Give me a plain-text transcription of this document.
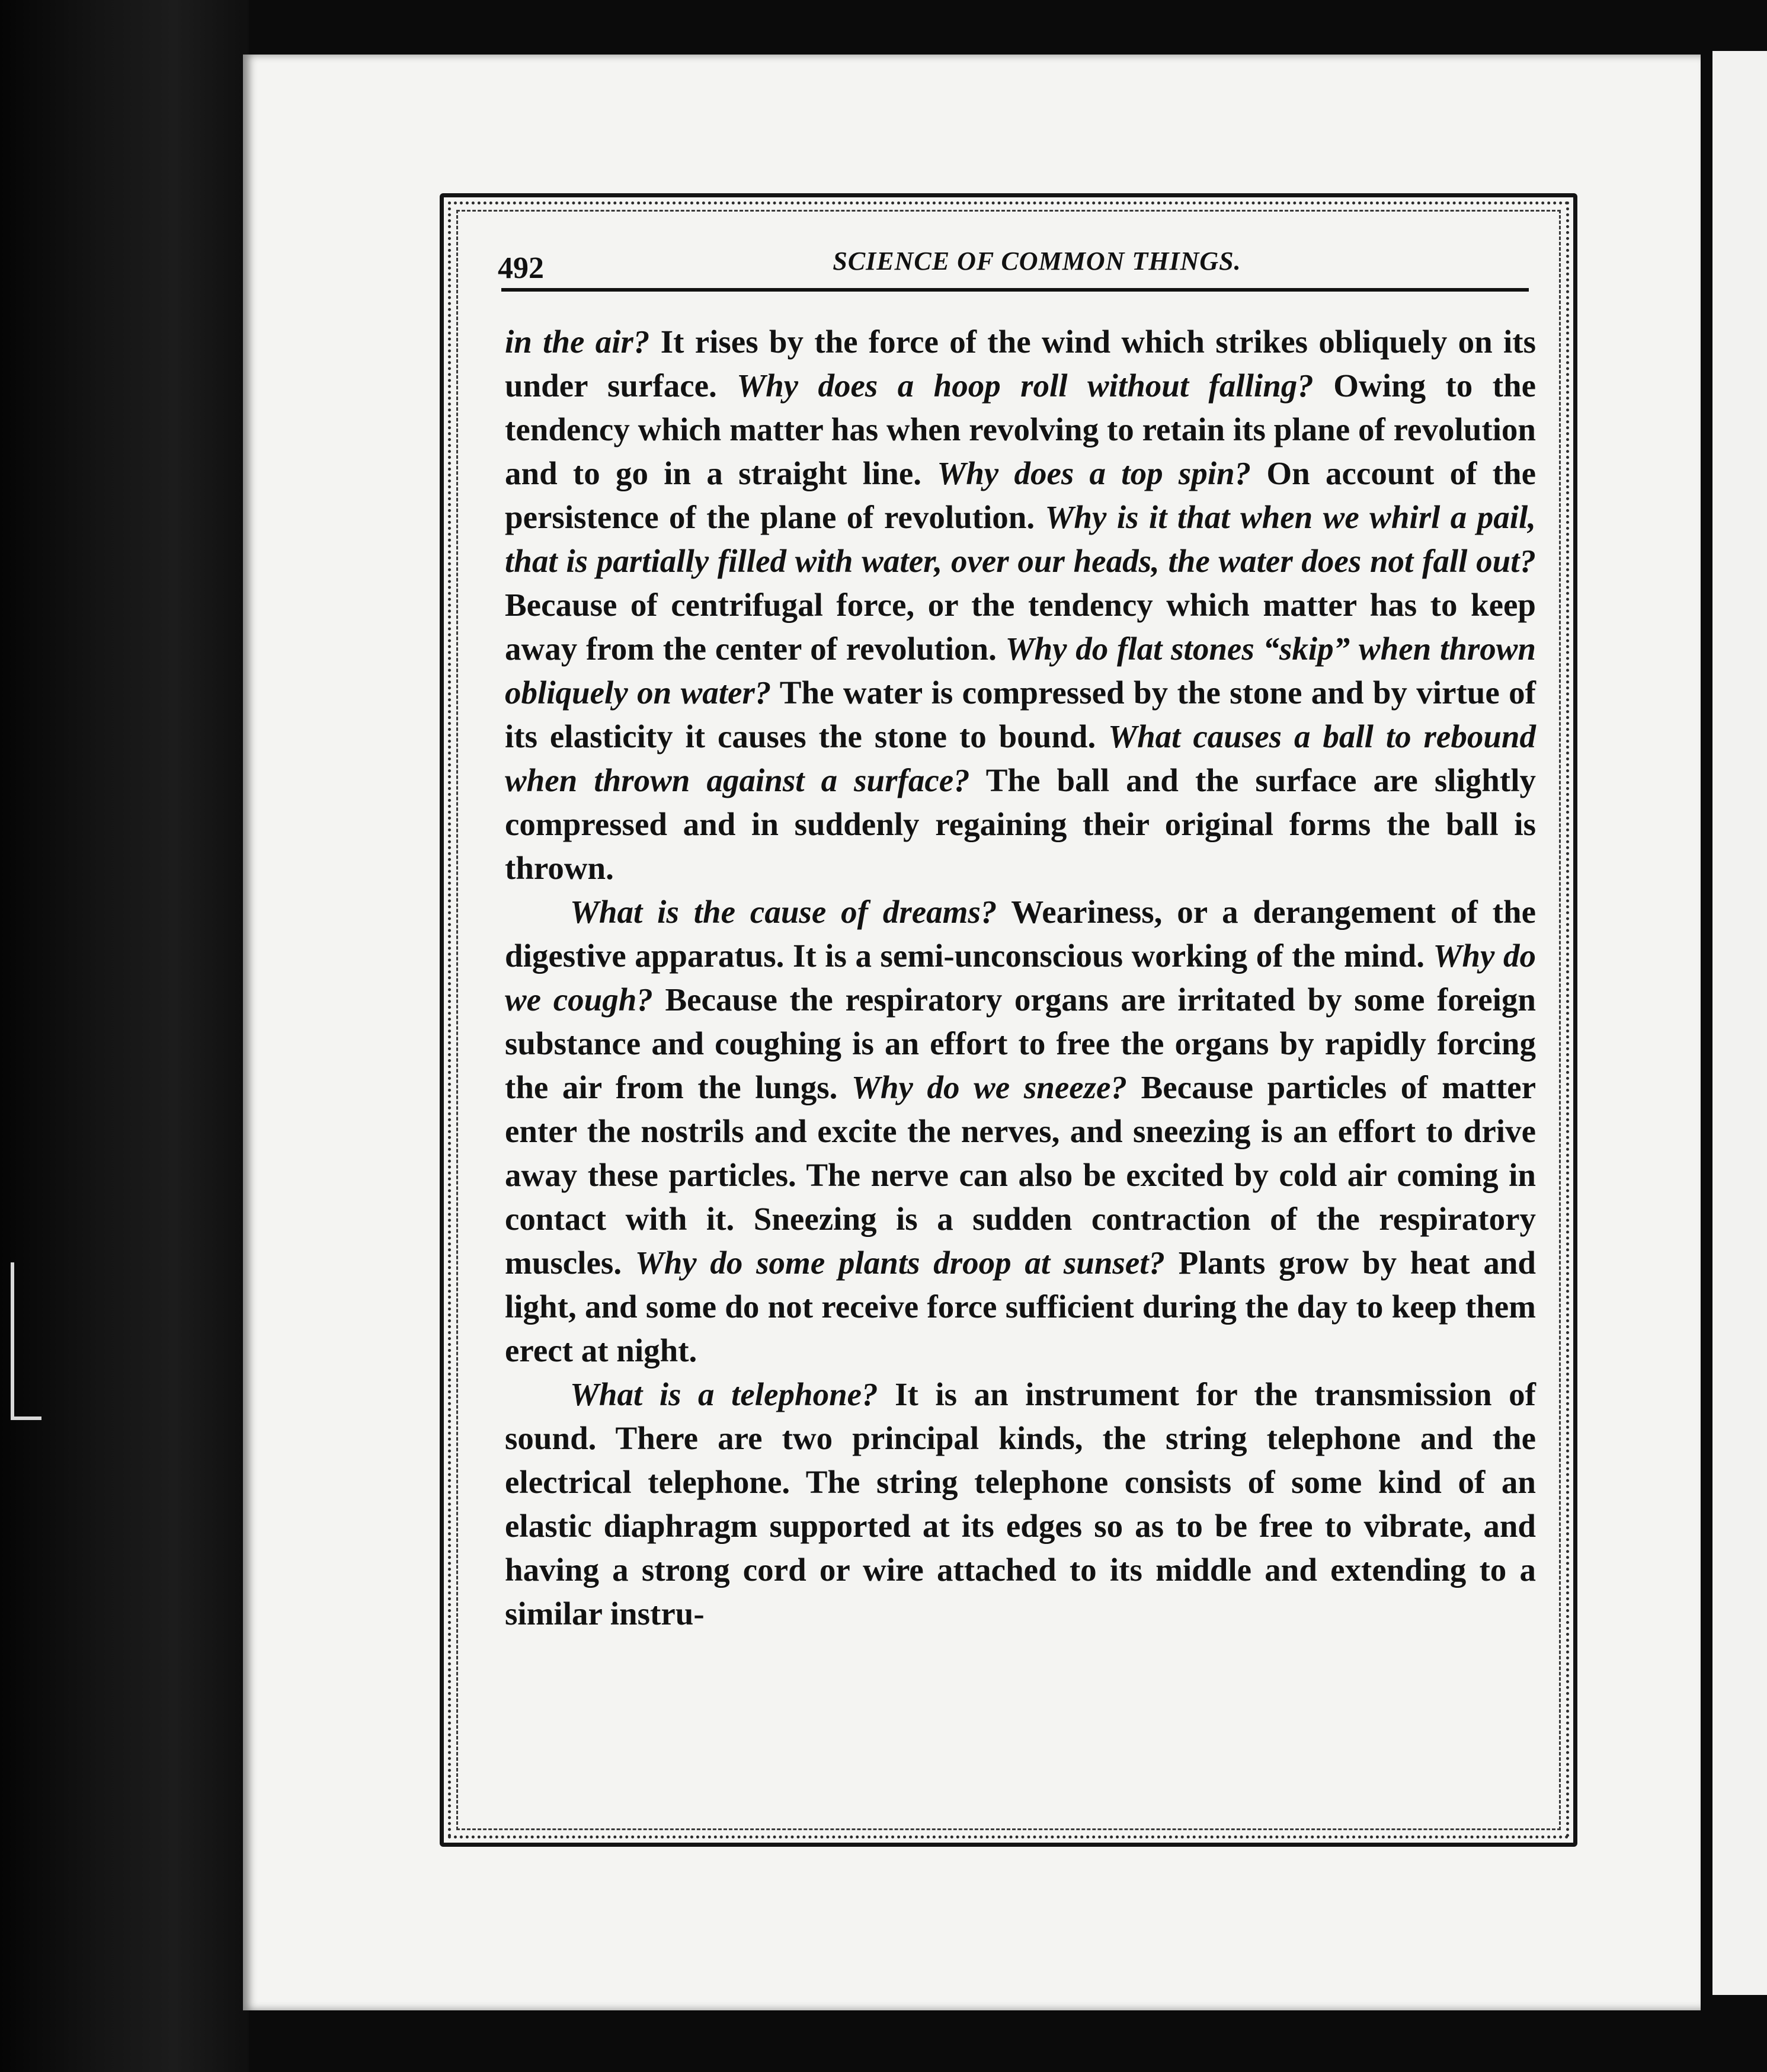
492	SCIENCE OF COMMON THINGS.

in the air? It rises by the force of the wind which strikes obliquely on its under surface. Why does a hoop roll without falling? Owing to the tendency which matter has when revolving to retain its plane of revolution and to go in a straight line. Why does a top spin? On account of the persistence of the plane of revolution. Why is it that when we whirl a pail, that is partially filled with water, over our heads, the water does not fall out? Because of centrifugal force, or the tendency which matter has to keep away from the center of revolution. Why do flat stones “skip” when thrown obliquely on water? The water is compressed by the stone and by virtue of its elasticity it causes the stone to bound. What causes a ball to rebound when thrown against a surface? The ball and the surface are slightly compressed and in suddenly regaining their original forms the ball is thrown.

What is the cause of dreams? Weariness, or a derangement of the digestive apparatus. It is a semi-unconscious working of the mind. Why do we cough? Because the respiratory organs are irritated by some foreign substance and coughing is an effort to free the organs by rapidly forcing the air from the lungs. Why do we sneeze? Because particles of matter enter the nostrils and excite the nerves, and sneezing is an effort to drive away these particles. The nerve can also be excited by cold air coming in contact with it. Sneezing is a sudden contraction of the respiratory muscles. Why do some plants droop at sunset? Plants grow by heat and light, and some do not receive force sufficient during the day to keep them erect at night.

What is a telephone? It is an instrument for the transmission of sound. There are two principal kinds, the string telephone and the electrical telephone. The string telephone consists of some kind of an elastic diaphragm supported at its edges so as to be free to vibrate, and having a strong cord or wire attached to its middle and extending to a similar instru-
